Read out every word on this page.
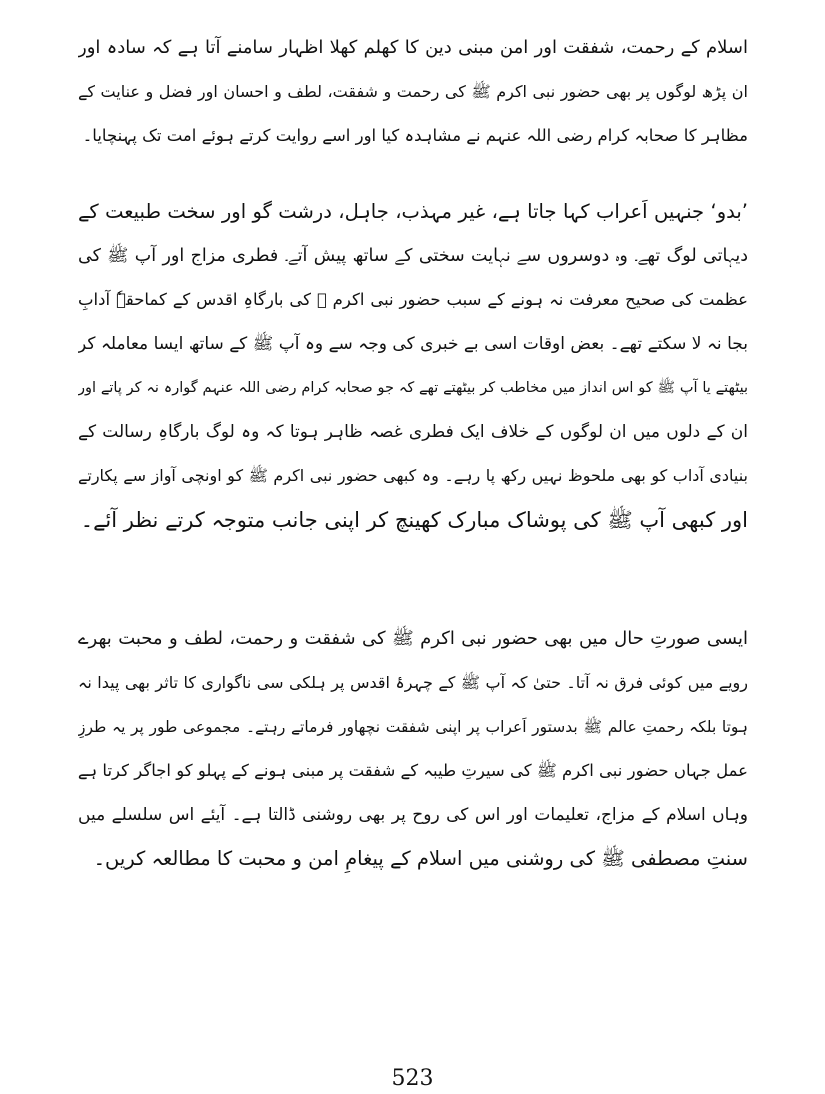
اسلام کے رحمت، شفقت اور امن مبنی دین کا کھلم کھلا اظہار سامنے آتا ہے کہ سادہ اور
ان پڑھ لوگوں پر بھی حضور نبی اکرم ﷺ کی رحمت و شفقت، لطف و احسان اور فضل و عنایت کے
مظاہر کا صحابہ کرام رضی اللہ عنہم نے مشاہدہ کیا اور اسے روایت کرتے ہوئے امت تک پہنچایا۔
’بدو‘ جنہیں اَعراب کہا جاتا ہے، غیر مہذب، جاہل، درشت گو اور سخت طبیعت کے
دیہاتی لوگ تھے۔ وہ دوسروں سے نہایت سختی کے ساتھ پیش آتے۔ فطری مزاج اور آپ ﷺ کی
عظمت کی صحیح معرفت نہ ہونے کے سبب حضور نبی اکرم ﷺ کی بارگاہِ اقدس کے کماحقہٗ آدابِ
بجا نہ لا سکتے تھے۔ بعض اوقات اسی بے خبری کی وجہ سے وہ آپ ﷺ کے ساتھ ایسا معاملہ کر
بیٹھتے یا آپ ﷺ کو اس انداز میں مخاطب کر بیٹھتے تھے کہ جو صحابہ کرام رضی اللہ عنہم گوارہ نہ کر پاتے اور
ان کے دلوں میں ان لوگوں کے خلاف ایک فطری غصہ ظاہر ہوتا کہ وہ لوگ بارگاہِ رسالت کے
بنیادی آداب کو بھی ملحوظ نہیں رکھ پا رہے۔ وہ کبھی حضور نبی اکرم ﷺ کو اونچی آواز سے پکارتے
اور کبھی آپ ﷺ کی پوشاک مبارک کھینچ کر اپنی جانب متوجہ کرتے نظر آئے۔
ایسی صورتِ حال میں بھی حضور نبی اکرم ﷺ کی شفقت و رحمت، لطف و محبت بھرے
رویے میں کوئی فرق نہ آتا۔ حتیٰ کہ آپ ﷺ کے چہرۂ اقدس پر ہلکی سی ناگواری کا تاثر بھی پیدا نہ
ہوتا بلکہ رحمتِ عالم ﷺ بدستور اَعراب پر اپنی شفقت نچھاور فرماتے رہتے۔ مجموعی طور پر یہ طرزِ
عمل جہاں حضور نبی اکرم ﷺ کی سیرتِ طیبہ کے شفقت پر مبنی ہونے کے پہلو کو اجاگر کرتا ہے
وہاں اسلام کے مزاج، تعلیمات اور اس کی روح پر بھی روشنی ڈالتا ہے۔ آیئے اس سلسلے میں
سنتِ مصطفی ﷺ کی روشنی میں اسلام کے پیغامِ امن و محبت کا مطالعہ کریں۔
523
